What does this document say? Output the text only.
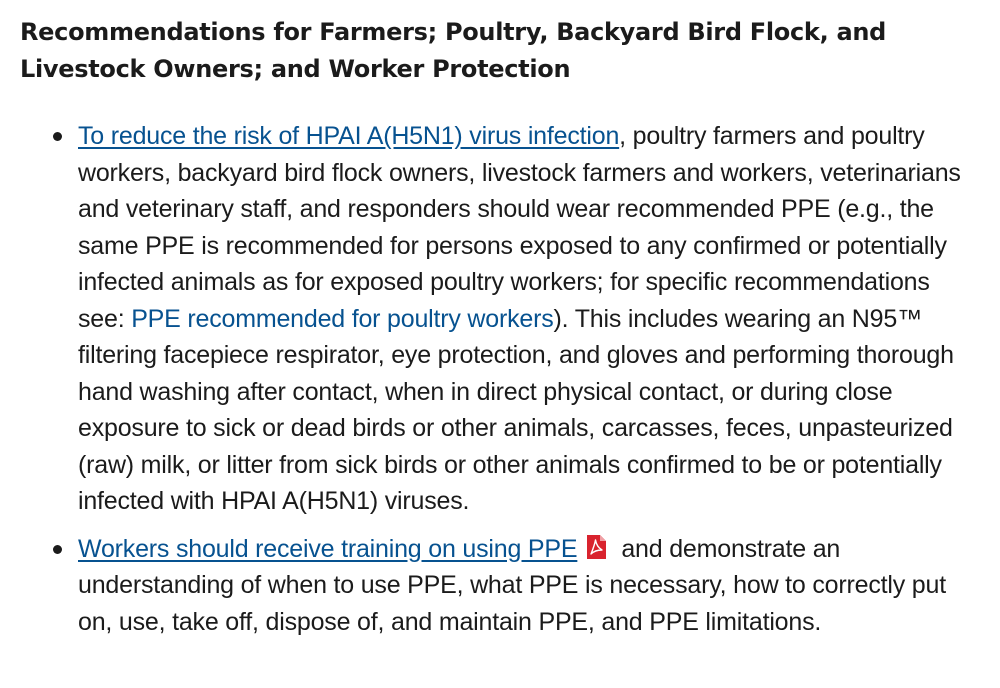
Recommendations for Farmers; Poultry, Backyard Bird Flock, and Livestock Owners; and Worker Protection
To reduce the risk of HPAI A(H5N1) virus infection, poultry farmers and poultry workers, backyard bird flock owners, livestock farmers and workers, veterinarians and veterinary staff, and responders should wear recommended PPE (e.g., the same PPE is recommended for persons exposed to any confirmed or potentially infected animals as for exposed poultry workers; for specific recommendations see: PPE recommended for poultry workers). This includes wearing an N95™ filtering facepiece respirator, eye protection, and gloves and performing thorough hand washing after contact, when in direct physical contact, or during close exposure to sick or dead birds or other animals, carcasses, feces, unpasteurized (raw) milk, or litter from sick birds or other animals confirmed to be or potentially infected with HPAI A(H5N1) viruses.
Workers should receive training on using PPE and demonstrate an understanding of when to use PPE, what PPE is necessary, how to correctly put on, use, take off, dispose of, and maintain PPE, and PPE limitations.
